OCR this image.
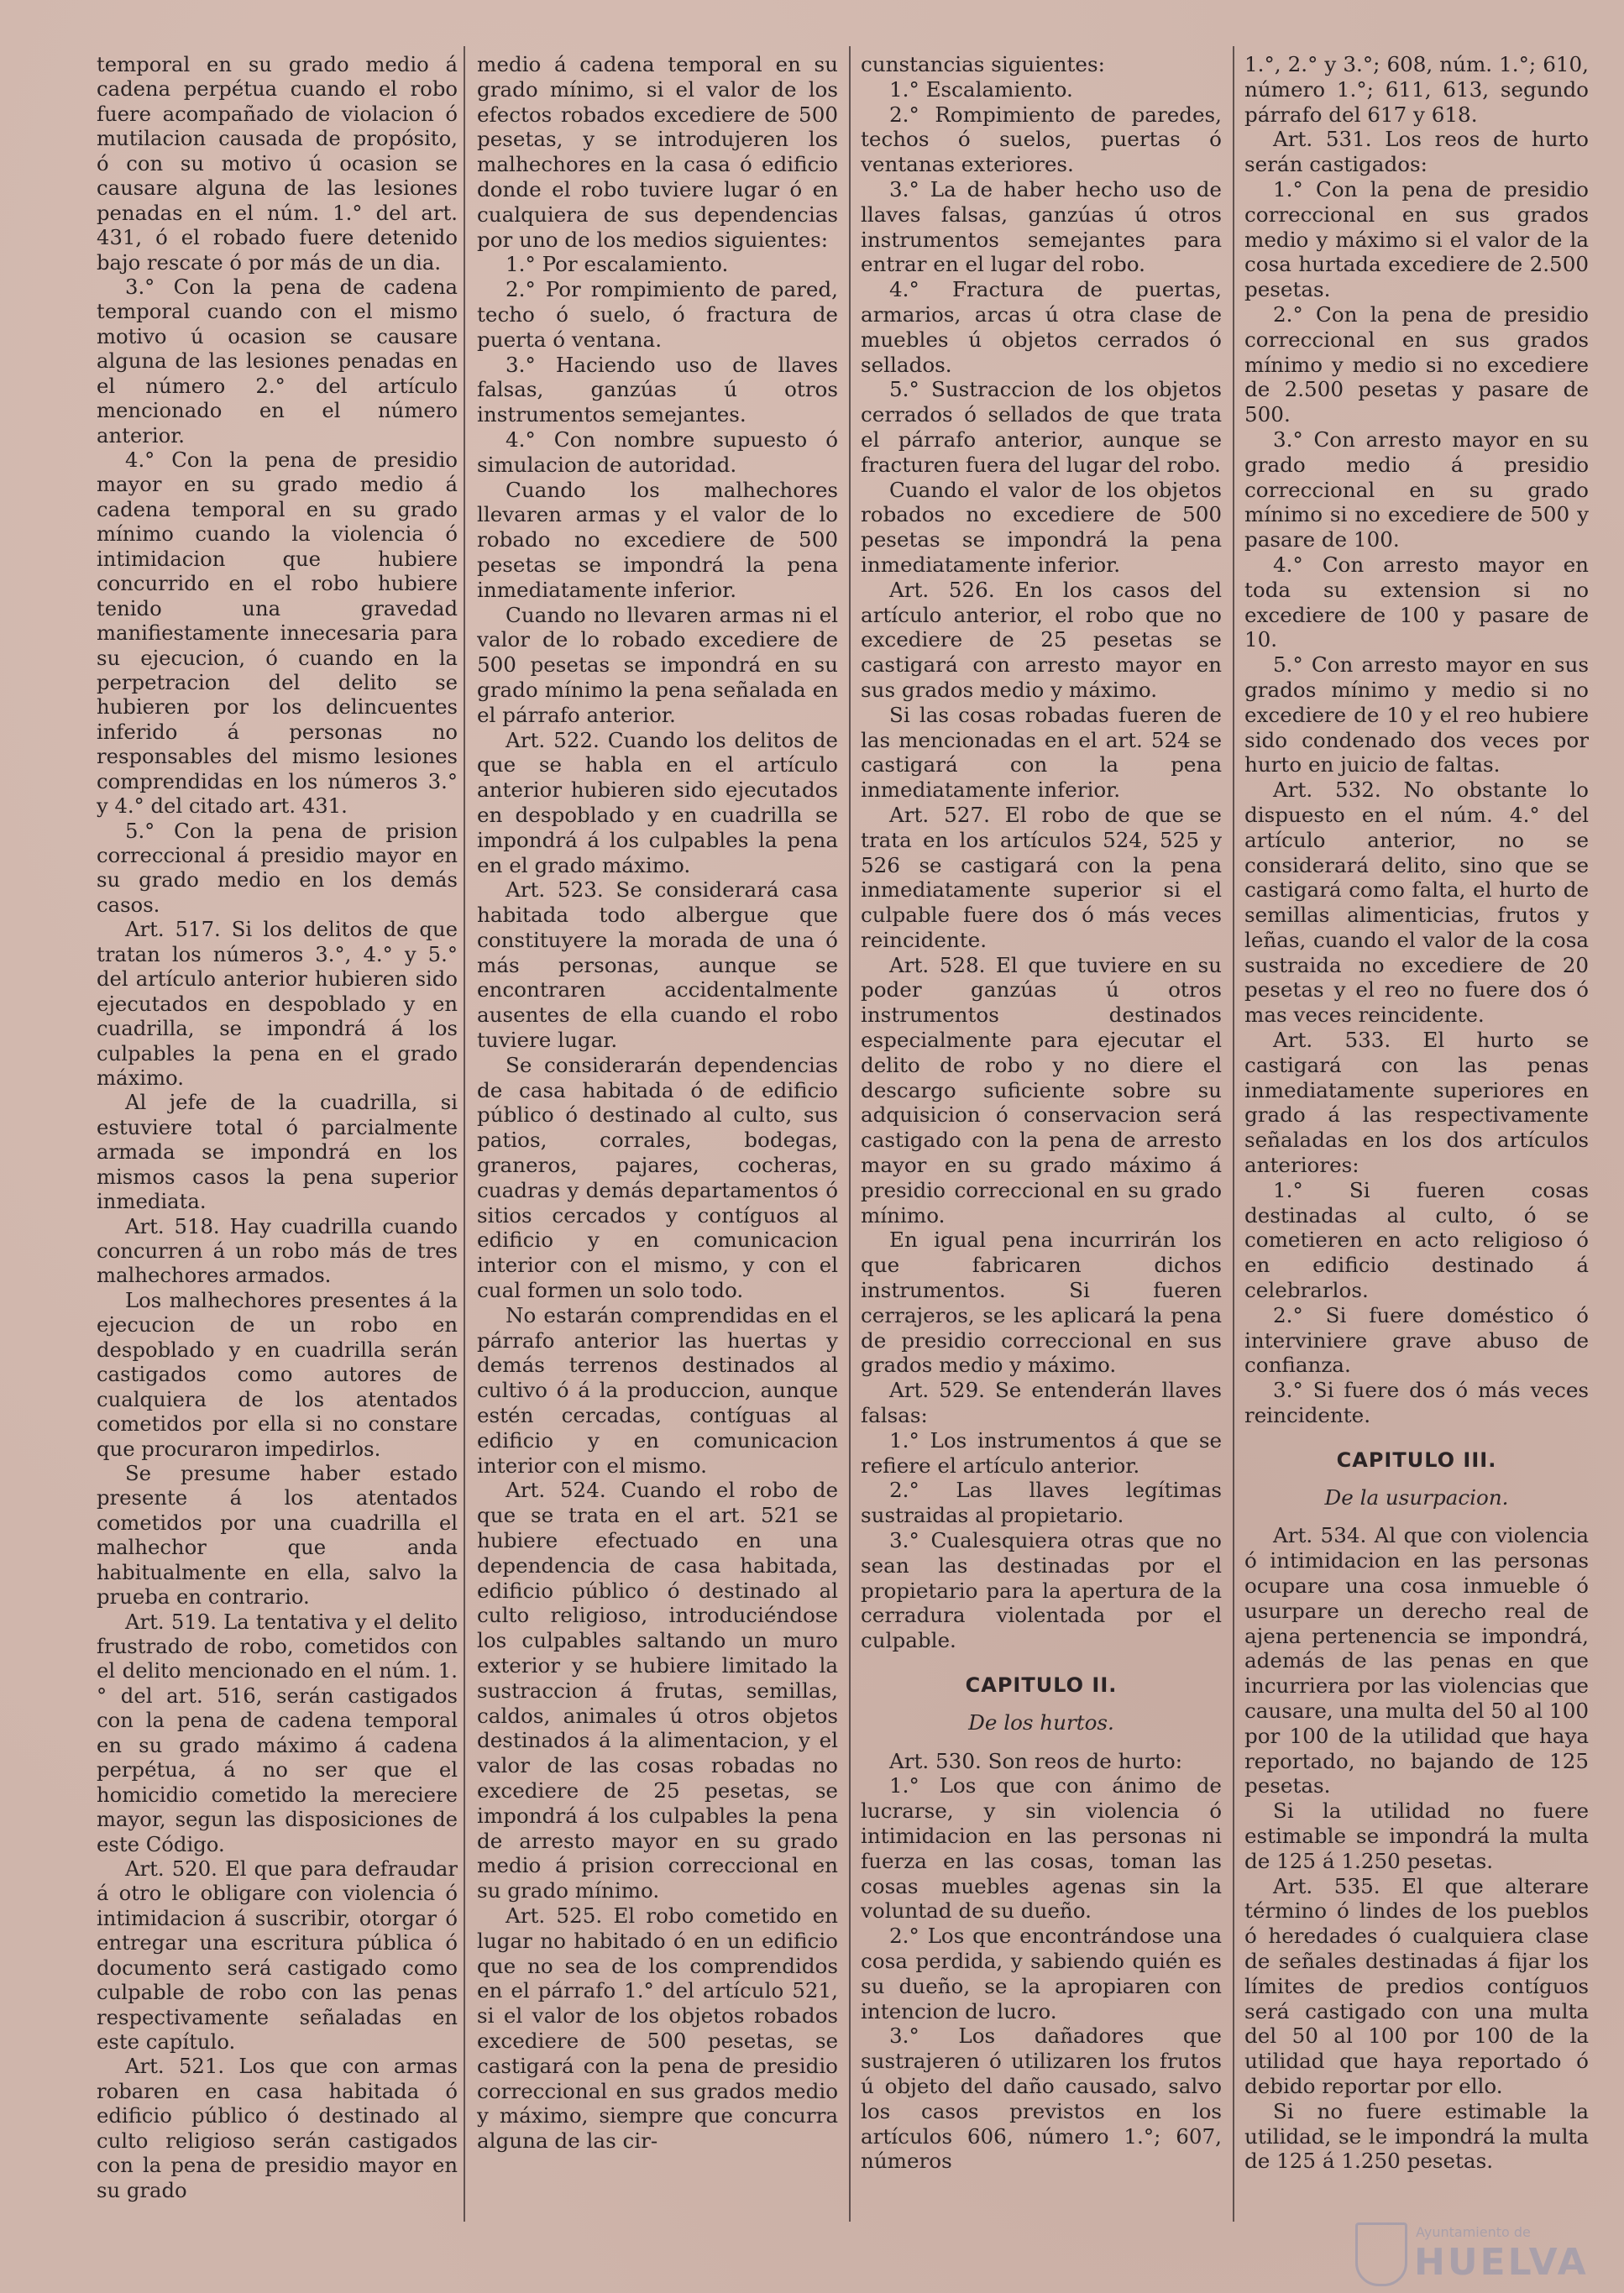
temporal en su grado medio á cadena perpétua cuando el robo fuere acompañado de violacion ó mutilacion causada de propósito, ó con su motivo ú ocasion se causare alguna de las lesiones penadas en el núm. 1.° del art. 431, ó el robado fuere detenido bajo rescate ó por más de un dia.

3.° Con la pena de cadena temporal cuando con el mismo motivo ú ocasion se causare alguna de las lesiones penadas en el número 2.° del artículo mencionado en el número anterior.

4.° Con la pena de presidio mayor en su grado medio á cadena temporal en su grado mínimo cuando la violencia ó intimidacion que hubiere concurrido en el robo hubiere tenido una gravedad manifiestamente innecesaria para su ejecucion, ó cuando en la perpetracion del delito se hubieren por los delincuentes inferido á personas no responsables del mismo lesiones comprendidas en los números 3.° y 4.° del citado art. 431.

5.° Con la pena de prision correccional á presidio mayor en su grado medio en los demás casos.

Art. 517. Si los delitos de que tratan los números 3.°, 4.° y 5.° del artículo anterior hubieren sido ejecutados en despoblado y en cuadrilla, se impondrá á los culpables la pena en el grado máximo.

Al jefe de la cuadrilla, si estuviere total ó parcialmente armada se impondrá en los mismos casos la pena superior inmediata.

Art. 518. Hay cuadrilla cuando concurren á un robo más de tres malhechores armados.

Los malhechores presentes á la ejecucion de un robo en despoblado y en cuadrilla serán castigados como autores de cualquiera de los atentados cometidos por ella si no constare que procuraron impedirlos.

Se presume haber estado presente á los atentados cometidos por una cuadrilla el malhechor que anda habitualmente en ella, salvo la prueba en contrario.

Art. 519. La tentativa y el delito frustrado de robo, cometidos con el delito mencionado en el núm. 1.° del art. 516, serán castigados con la pena de cadena temporal en su grado máximo á cadena perpétua, á no ser que el homicidio cometido la mereciere mayor, segun las disposiciones de este Código.

Art. 520. El que para defraudar á otro le obligare con violencia ó intimidacion á suscribir, otorgar ó entregar una escritura pública ó documento será castigado como culpable de robo con las penas respectivamente señaladas en este capítulo.

Art. 521. Los que con armas robaren en casa habitada ó edificio público ó destinado al culto religioso serán castigados con la pena de presidio mayor en su grado

medio á cadena temporal en su grado mínimo, si el valor de los efectos robados excediere de 500 pesetas, y se introdujeren los malhechores en la casa ó edificio donde el robo tuviere lugar ó en cualquiera de sus dependencias por uno de los medios siguientes:

1.° Por escalamiento.

2.° Por rompimiento de pared, techo ó suelo, ó fractura de puerta ó ventana.

3.° Haciendo uso de llaves falsas, ganzúas ú otros instrumentos semejantes.

4.° Con nombre supuesto ó simulacion de autoridad.

Cuando los malhechores llevaren armas y el valor de lo robado no excediere de 500 pesetas se impondrá la pena inmediatamente inferior.

Cuando no llevaren armas ni el valor de lo robado excediere de 500 pesetas se impondrá en su grado mínimo la pena señalada en el párrafo anterior.

Art. 522. Cuando los delitos de que se habla en el artículo anterior hubieren sido ejecutados en despoblado y en cuadrilla se impondrá á los culpables la pena en el grado máximo.

Art. 523. Se considerará casa habitada todo albergue que constituyere la morada de una ó más personas, aunque se encontraren accidentalmente ausentes de ella cuando el robo tuviere lugar.

Se considerarán dependencias de casa habitada ó de edificio público ó destinado al culto, sus patios, corrales, bodegas, graneros, pajares, cocheras, cuadras y demás departamentos ó sitios cercados y contíguos al edificio y en comunicacion interior con el mismo, y con el cual formen un solo todo.

No estarán comprendidas en el párrafo anterior las huertas y demás terrenos destinados al cultivo ó á la produccion, aunque estén cercadas, contíguas al edificio y en comunicacion interior con el mismo.

Art. 524. Cuando el robo de que se trata en el art. 521 se hubiere efectuado en una dependencia de casa habitada, edificio público ó destinado al culto religioso, introduciéndose los culpables saltando un muro exterior y se hubiere limitado la sustraccion á frutas, semillas, caldos, animales ú otros objetos destinados á la alimentacion, y el valor de las cosas robadas no excediere de 25 pesetas, se impondrá á los culpables la pena de arresto mayor en su grado medio á prision correccional en su grado mínimo.

Art. 525. El robo cometido en lugar no habitado ó en un edificio que no sea de los comprendidos en el párrafo 1.° del artículo 521, si el valor de los objetos robados excediere de 500 pesetas, se castigará con la pena de presidio correccional en sus grados medio y máximo, siempre que concurra alguna de las cir-

cunstancias siguientes:

1.° Escalamiento.

2.° Rompimiento de paredes, techos ó suelos, puertas ó ventanas exteriores.

3.° La de haber hecho uso de llaves falsas, ganzúas ú otros instrumentos semejantes para entrar en el lugar del robo.

4.° Fractura de puertas, armarios, arcas ú otra clase de muebles ú objetos cerrados ó sellados.

5.° Sustraccion de los objetos cerrados ó sellados de que trata el párrafo anterior, aunque se fracturen fuera del lugar del robo.

Cuando el valor de los objetos robados no excediere de 500 pesetas se impondrá la pena inmediatamente inferior.

Art. 526. En los casos del artículo anterior, el robo que no excediere de 25 pesetas se castigará con arresto mayor en sus grados medio y máximo.

Si las cosas robadas fueren de las mencionadas en el art. 524 se castigará con la pena inmediatamente inferior.

Art. 527. El robo de que se trata en los artículos 524, 525 y 526 se castigará con la pena inmediatamente superior si el culpable fuere dos ó más veces reincidente.

Art. 528. El que tuviere en su poder ganzúas ú otros instrumentos destinados especialmente para ejecutar el delito de robo y no diere el descargo suficiente sobre su adquisicion ó conservacion será castigado con la pena de arresto mayor en su grado máximo á presidio correccional en su grado mínimo.

En igual pena incurrirán los que fabricaren dichos instrumentos. Si fueren cerrajeros, se les aplicará la pena de presidio correccional en sus grados medio y máximo.

Art. 529. Se entenderán llaves falsas:

1.° Los instrumentos á que se refiere el artículo anterior.

2.° Las llaves legítimas sustraidas al propietario.

3.° Cualesquiera otras que no sean las destinadas por el propietario para la apertura de la cerradura violentada por el culpable.

CAPITULO II.
De los hurtos.

Art. 530. Son reos de hurto:

1.° Los que con ánimo de lucrarse, y sin violencia ó intimidacion en las personas ni fuerza en las cosas, toman las cosas muebles agenas sin la voluntad de su dueño.

2.° Los que encontrándose una cosa perdida, y sabiendo quién es su dueño, se la apropiaren con intencion de lucro.

3.° Los dañadores que sustrajeren ó utilizaren los frutos ú objeto del daño causado, salvo los casos previstos en los artículos 606, número 1.°; 607, números

1.°, 2.° y 3.°; 608, núm. 1.°; 610, número 1.°; 611, 613, segundo párrafo del 617 y 618.

Art. 531. Los reos de hurto serán castigados:

1.° Con la pena de presidio correccional en sus grados medio y máximo si el valor de la cosa hurtada excediere de 2.500 pesetas.

2.° Con la pena de presidio correccional en sus grados mínimo y medio si no excediere de 2.500 pesetas y pasare de 500.

3.° Con arresto mayor en su grado medio á presidio correccional en su grado mínimo si no excediere de 500 y pasare de 100.

4.° Con arresto mayor en toda su extension si no excediere de 100 y pasare de 10.

5.° Con arresto mayor en sus grados mínimo y medio si no excediere de 10 y el reo hubiere sido condenado dos veces por hurto en juicio de faltas.

Art. 532. No obstante lo dispuesto en el núm. 4.° del artículo anterior, no se considerará delito, sino que se castigará como falta, el hurto de semillas alimenticias, frutos y leñas, cuando el valor de la cosa sustraida no excediere de 20 pesetas y el reo no fuere dos ó mas veces reincidente.

Art. 533. El hurto se castigará con las penas inmediatamente superiores en grado á las respectivamente señaladas en los dos artículos anteriores:

1.° Si fueren cosas destinadas al culto, ó se cometieren en acto religioso ó en edificio destinado á celebrarlos.

2.° Si fuere doméstico ó interviniere grave abuso de confianza.

3.° Si fuere dos ó más veces reincidente.

CAPITULO III.
De la usurpacion.

Art. 534. Al que con violencia ó intimidacion en las personas ocupare una cosa inmueble ó usurpare un derecho real de ajena pertenencia se impondrá, además de las penas en que incurriera por las violencias que causare, una multa del 50 al 100 por 100 de la utilidad que haya reportado, no bajando de 125 pesetas.

Si la utilidad no fuere estimable se impondrá la multa de 125 á 1.250 pesetas.

Art. 535. El que alterare término ó lindes de los pueblos ó heredades ó cualquiera clase de señales destinadas á fijar los límites de predios contíguos será castigado con una multa del 50 al 100 por 100 de la utilidad que haya reportado ó debido reportar por ello.

Si no fuere estimable la utilidad, se le impondrá la multa de 125 á 1.250 pesetas.

Ayuntamiento de
HUELVA
